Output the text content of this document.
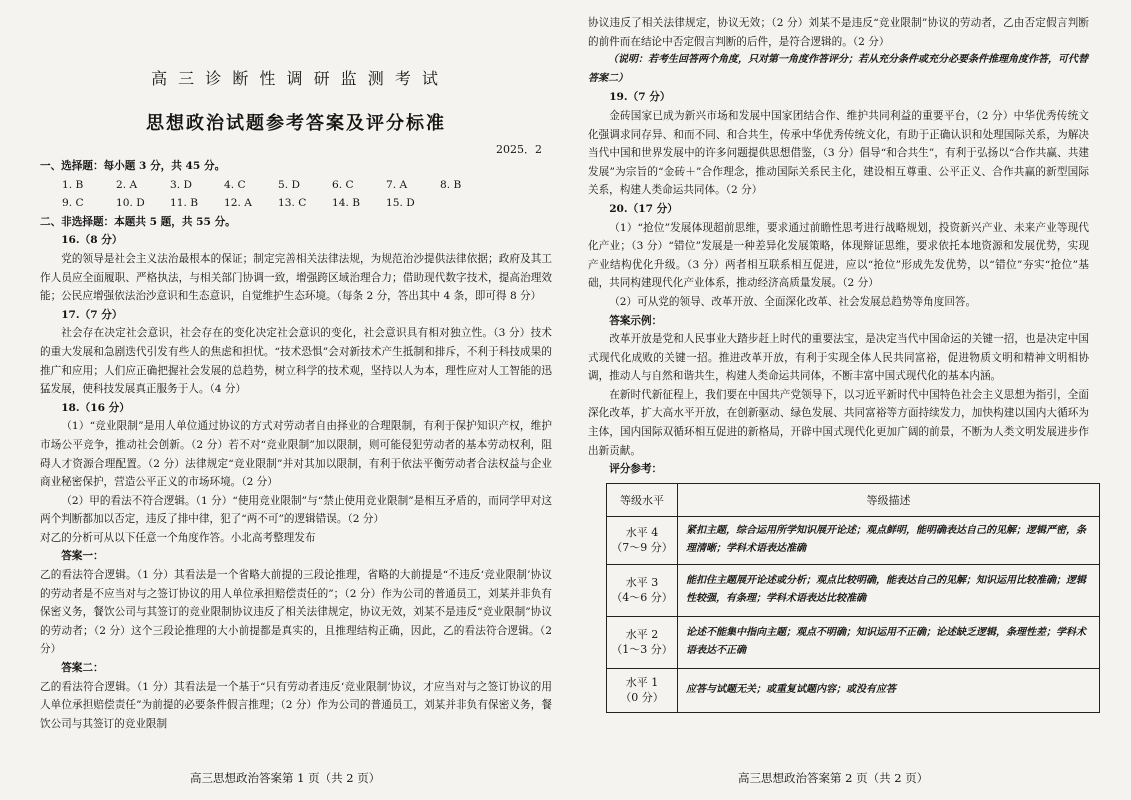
高 三 诊 断 性 调 研 监 测 考 试
思想政治试题参考答案及评分标准
2025．2

一、选择题：每小题 3 分，共 45 分。

1. B	2. A	3. D	4. C	5. D	6. C	7. A	8. B
9. C	10. D 11. B 12. A 13. C 14. B 15. D

二、非选择题：本题共 5 题，共 55 分。

16.（8 分）

党的领导是社会主义法治最根本的保证；制定完善相关法律法规，为规范治沙提供法律依据；政府及其工作人员应全面履职、严格执法，与相关部门协调一致，增强跨区域治理合力；借助现代数字技术，提高治理效能；公民应增强依法治沙意识和生态意识，自觉维护生态环境。（每条 2 分，答出其中 4 条，即可得 8 分）

17.（7 分）

社会存在决定社会意识，社会存在的变化决定社会意识的变化，社会意识具有相对独立性。（3 分）技术的重大发展和急剧迭代引发有些人的焦虑和担忧。“技术恐惧”会对新技术产生抵制和排斥，不利于科技成果的推广和应用；人们应正确把握社会发展的总趋势，树立科学的技术观，坚持以人为本，理性应对人工智能的迅猛发展，使科技发展真正服务于人。（4 分）

18.（16 分）

（1）“竞业限制”是用人单位通过协议的方式对劳动者自由择业的合理限制，有利于保护知识产权，维护市场公平竞争，推动社会创新。（2 分）若不对“竞业限制”加以限制，则可能侵犯劳动者的基本劳动权利，阻碍人才资源合理配置。（2 分）法律规定“竞业限制”并对其加以限制，有利于依法平衡劳动者合法权益与企业商业秘密保护，营造公平正义的市场环境。（2 分）

（2）甲的看法不符合逻辑。（1 分）“使用竞业限制”与“禁止使用竞业限制”是相互矛盾的，而同学甲对这两个判断都加以否定，违反了排中律，犯了“两不可”的逻辑错误。（2 分）

对乙的分析可从以下任意一个角度作答。小北高考整理发布

答案一：

乙的看法符合逻辑。（1 分）其看法是一个省略大前提的三段论推理，省略的大前提是“不违反‘竞业限制’协议的劳动者是不应当对与之签订协议的用人单位承担赔偿责任的”；（2 分）作为公司的普通员工，刘某并非负有保密义务，餐饮公司与其签订的竞业限制协议违反了相关法律规定，协议无效，刘某不是违反“竞业限制”协议的劳动者；（2 分）这个三段论推理的大小前提都是真实的，且推理结构正确，因此，乙的看法符合逻辑。（2 分）

答案二：

乙的看法符合逻辑。（1 分）其看法是一个基于“只有劳动者违反‘竞业限制’协议，才应当对与之签订协议的用人单位承担赔偿责任”为前提的必要条件假言推理；（2 分）作为公司的普通员工，刘某并非负有保密义务，餐饮公司与其签订的竞业限制

高三思想政治答案第 1 页（共 2 页）

协议违反了相关法律规定，协议无效；（2 分）刘某不是违反“竞业限制”协议的劳动者，乙由否定假言判断的前件而在结论中否定假言判断的后件，是符合逻辑的。（2 分）

（说明：若考生回答两个角度，只对第一角度作答评分；若从充分条件或充分必要条件推理角度作答，可代替答案二）

19.（7 分）

金砖国家已成为新兴市场和发展中国家团结合作、维护共同利益的重要平台，（2 分）中华优秀传统文化强调求同存异、和而不同、和合共生，传承中华优秀传统文化，有助于正确认识和处理国际关系，为解决当代中国和世界发展中的许多问题提供思想借鉴，（3 分）倡导“和合共生”，有利于弘扬以“合作共赢、共建发展”为宗旨的“金砖＋”合作理念，推动国际关系民主化，建设相互尊重、公平正义、合作共赢的新型国际关系，构建人类命运共同体。（2 分）

20.（17 分）

（1）“抢位”发展体现超前思维，要求通过前瞻性思考进行战略规划，投资新兴产业、未来产业等现代化产业；（3 分）“错位”发展是一种差异化发展策略，体现辩证思维，要求依托本地资源和发展优势，实现产业结构优化升级。（3 分）两者相互联系相互促进，应以“抢位”形成先发优势，以“错位”夯实“抢位”基础，共同构建现代化产业体系，推动经济高质量发展。（2 分）

（2）可从党的领导、改革开放、全面深化改革、社会发展总趋势等角度回答。

答案示例：

改革开放是党和人民事业大踏步赶上时代的重要法宝，是决定当代中国命运的关键一招，也是决定中国式现代化成败的关键一招。推进改革开放，有利于实现全体人民共同富裕，促进物质文明和精神文明相协调，推动人与自然和谐共生，构建人类命运共同体，不断丰富中国式现代化的基本内涵。

在新时代新征程上，我们要在中国共产党领导下，以习近平新时代中国特色社会主义思想为指引，全面深化改革，扩大高水平开放，在创新驱动、绿色发展、共同富裕等方面持续发力，加快构建以国内大循环为主体，国内国际双循环相互促进的新格局，开辟中国式现代化更加广阔的前景，不断为人类文明发展进步作出新贡献。

评分参考：

等级水平	等级描述
水平 4
（7～9 分）	紧扣主题，综合运用所学知识展开论述；观点鲜明，能明确表达自己的见解；逻辑严密，条理清晰；学科术语表达准确
水平 3
（4～6 分）	能扣住主题展开论述或分析；观点比较明确，能表达自己的见解；知识运用比较准确；逻辑性较强，有条理；学科术语表达比较准确
水平 2
（1～3 分）	论述不能集中指向主题；观点不明确；知识运用不正确；论述缺乏逻辑，条理性差；学科术语表达不正确
水平 1
（0 分）	应答与试题无关；或重复试题内容；或没有应答
高三思想政治答案第 2 页（共 2 页）
